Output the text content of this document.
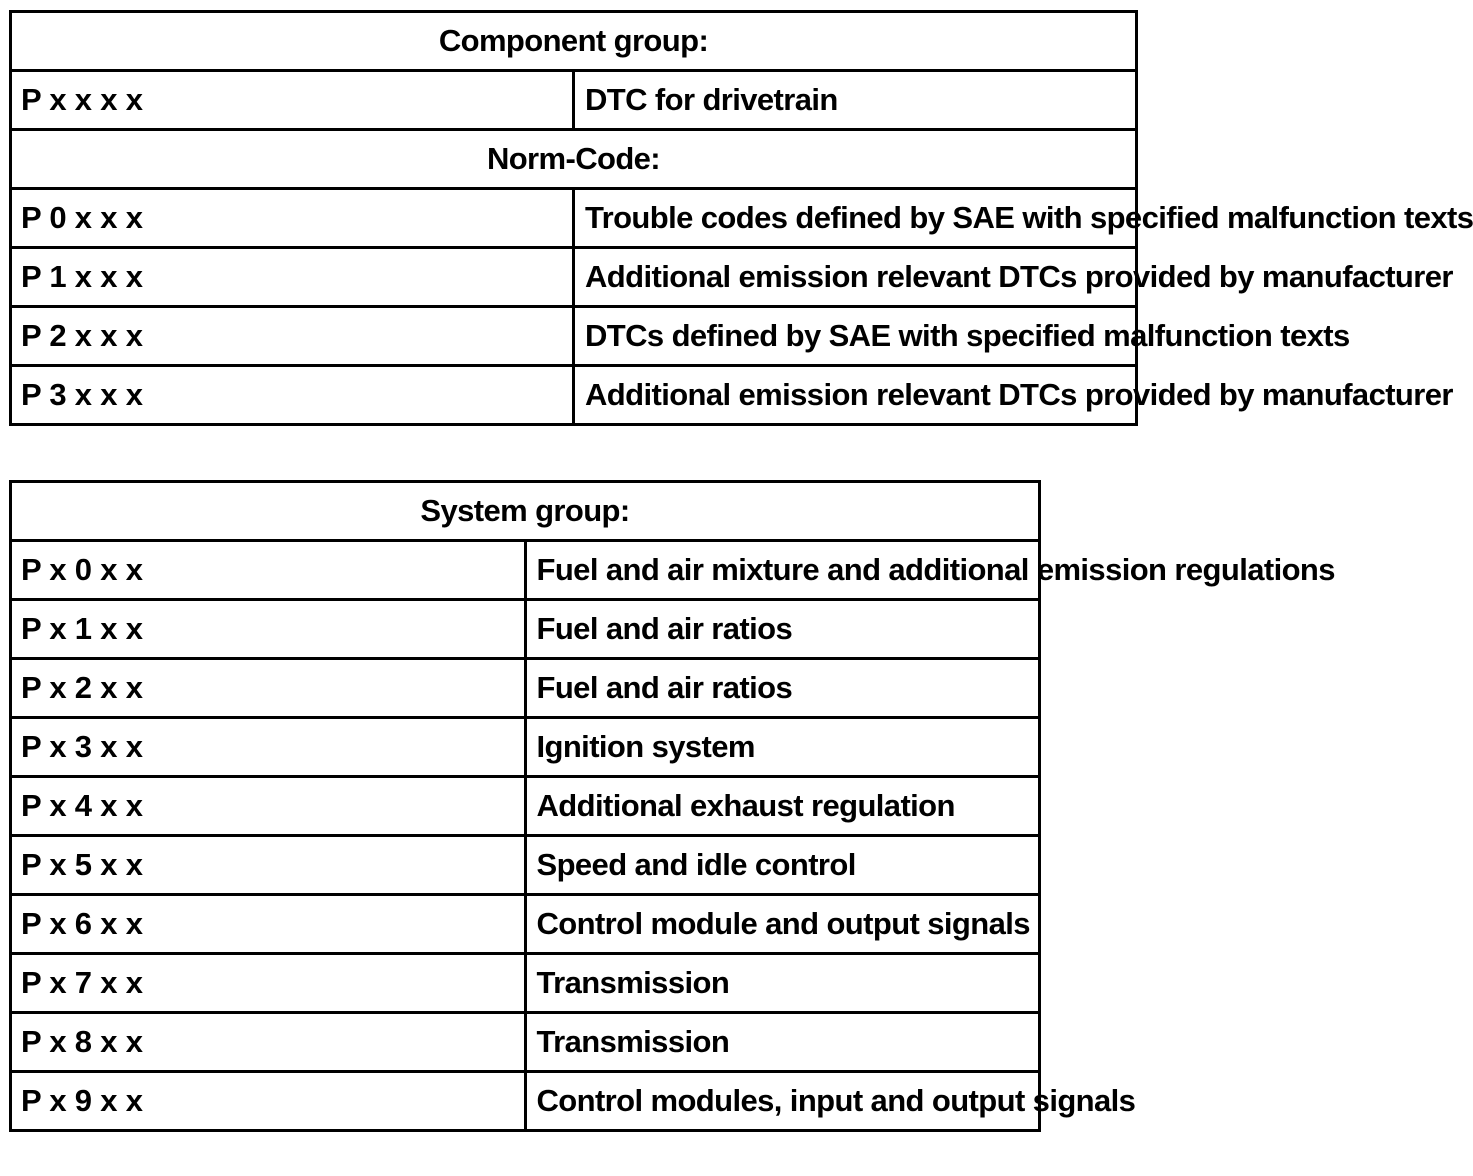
Component group:	
P x x x x	DTC for drivetrain
Norm-Code:	
P 0 x x x	Trouble codes defined by SAE with specified malfunction texts
P 1 x x x	Additional emission relevant DTCs provided by manufacturer
P 2 x x x	DTCs defined by SAE with specified malfunction texts
P 3 x x x	Additional emission relevant DTCs provided by manufacturer
System group:	
P x 0 x x	Fuel and air mixture and additional emission regulations
P x 1 x x	Fuel and air ratios
P x 2 x x	Fuel and air ratios
P x 3 x x	Ignition system
P x 4 x x	Additional exhaust regulation
P x 5 x x	Speed and idle control
P x 6 x x	Control module and output signals
P x 7 x x	Transmission
P x 8 x x	Transmission
P x 9 x x	Control modules, input and output signals
